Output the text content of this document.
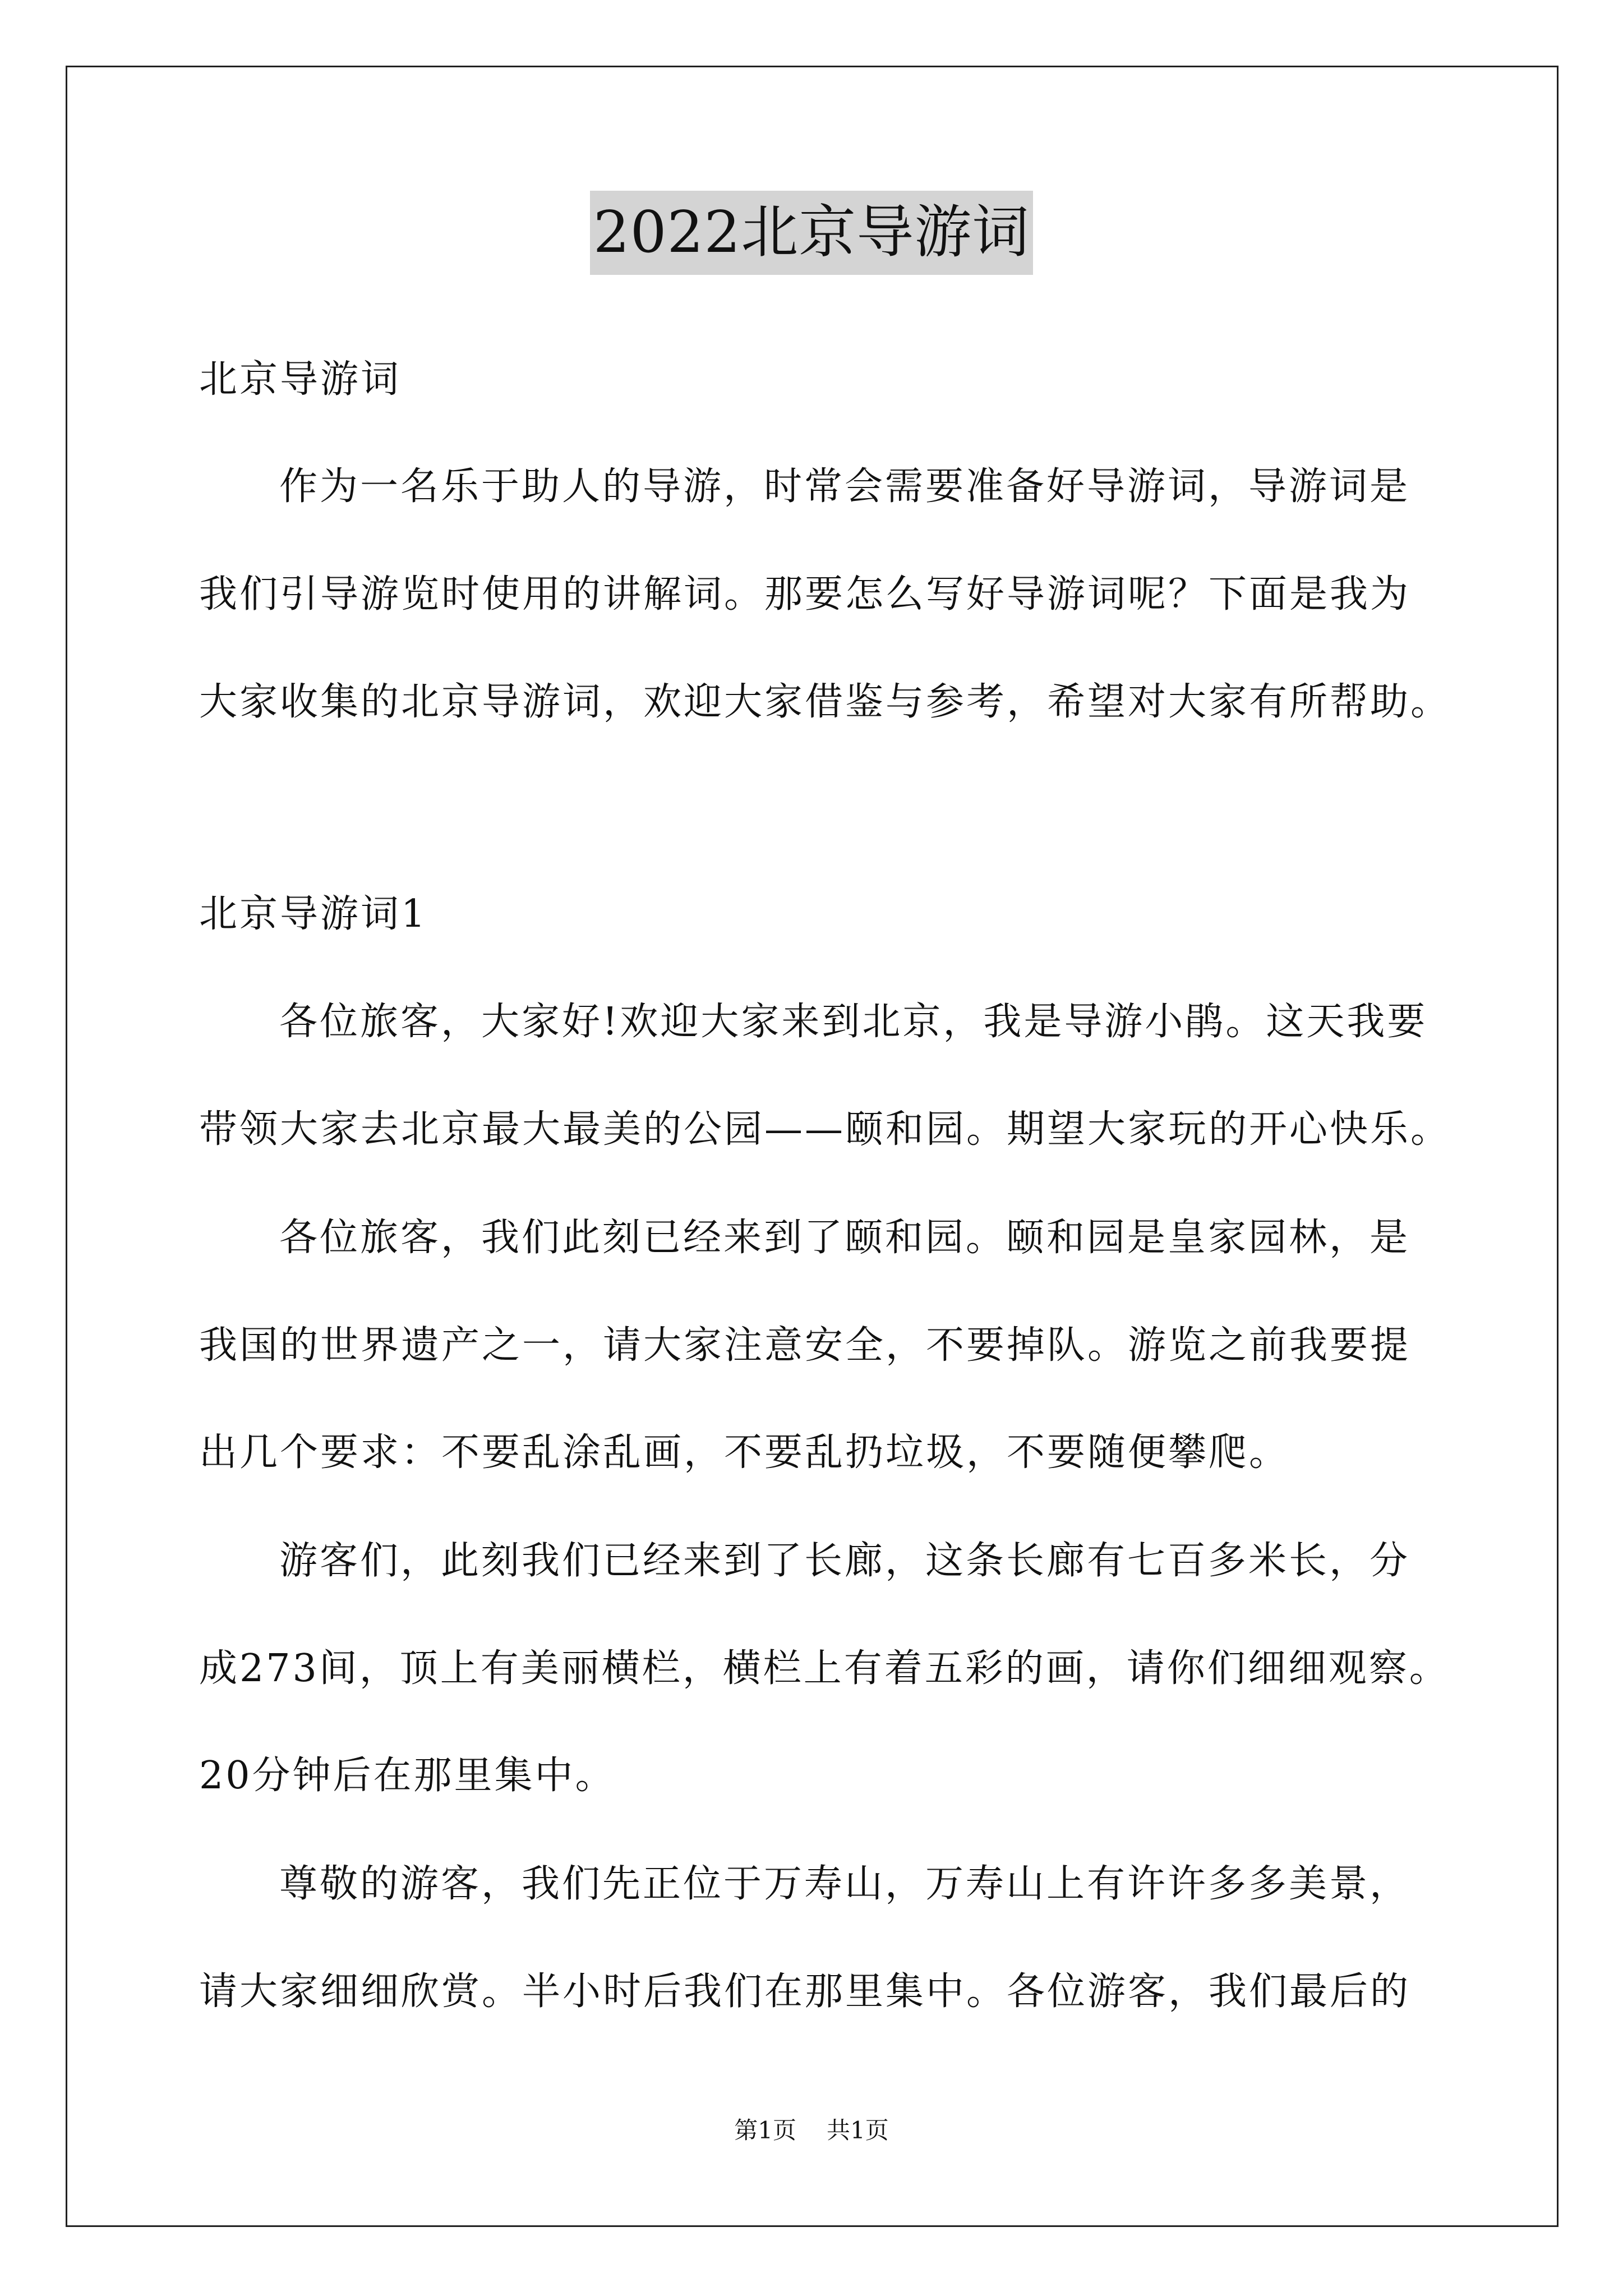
2022北京导游词
北京导游词
作为一名乐于助人的导游，时常会需要准备好导游词，导游词是
我们引导游览时使用的讲解词。那要怎么写好导游词呢？下面是我为
大家收集的北京导游词，欢迎大家借鉴与参考，希望对大家有所帮助。
北京导游词1
各位旅客，大家好!欢迎大家来到北京，我是导游小鹃。这天我要
带领大家去北京最大最美的公园——颐和园。期望大家玩的开心快乐。
各位旅客，我们此刻已经来到了颐和园。颐和园是皇家园林，是
我国的世界遗产之一，请大家注意安全，不要掉队。游览之前我要提
出几个要求：不要乱涂乱画，不要乱扔垃圾，不要随便攀爬。
游客们，此刻我们已经来到了长廊，这条长廊有七百多米长，分
成273间，顶上有美丽横栏，横栏上有着五彩的画，请你们细细观察。
20分钟后在那里集中。
尊敬的游客，我们先正位于万寿山，万寿山上有许许多多美景，
请大家细细欣赏。半小时后我们在那里集中。各位游客，我们最后的
第1页 共1页
